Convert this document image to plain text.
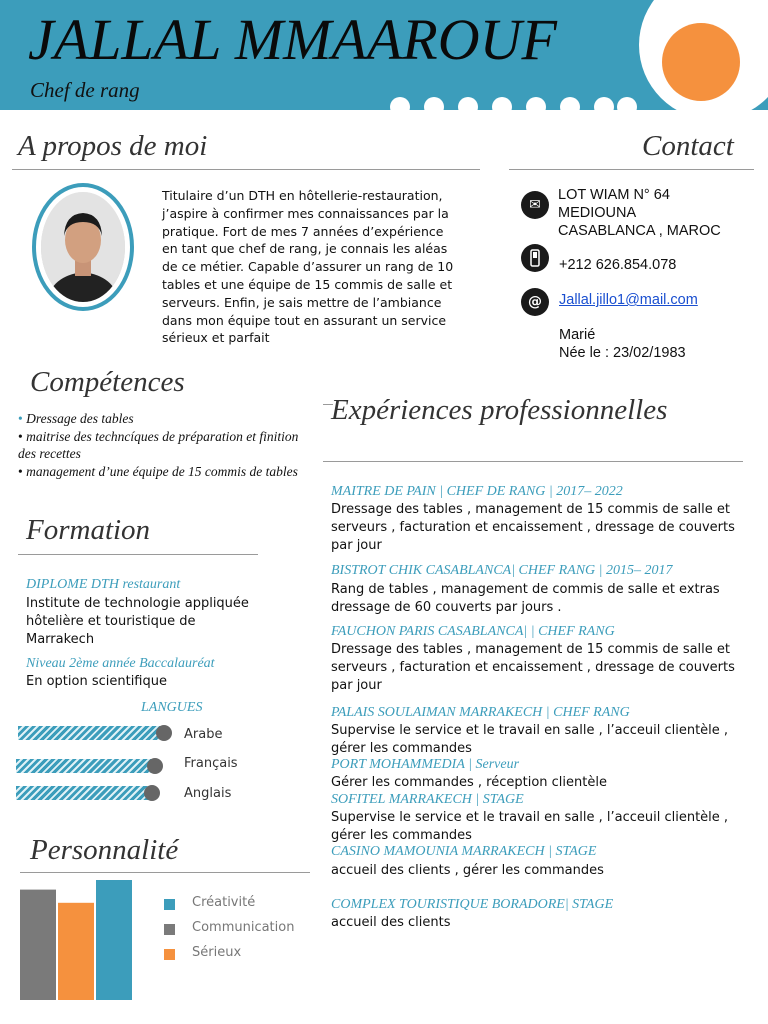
JALLAL MMAAROUF
Chef de rang
A propos de moi
Titulaire d’un DTH en hôtellerie-restauration, j’aspire à confirmer mes connaissances par la pratique. Fort de mes 7 années d’expérience en tant que chef de rang, je connais les aléas de ce métier. Capable d’assurer un rang de 10 tables et une équipe de 15 commis de salle et serveurs. Enfin, je sais mettre de l’ambiance dans mon équipe tout en assurant un service sérieux et parfait
Contact
✉
LOT WIAM N° 64
MEDIOUNA
CASABLANCA , MAROC
+212 626.854.078
@	Jallal.jillo1@mail.com
Marié
Née le : 23/02/1983
Compétences
• Dressage des tables
• maitrise des techncíques de préparation et finition des recettes
• management d’une équipe de 15 commis de tables
Formation
DIPLOME DTH restaurant
Institute de technologie appliquée hôtelière et touristique de Marrakech
Niveau 2ème année Baccalauréat
En option scientifique
LANGUES
Arabe
Français
Anglais
Personnalité
Créativité
Communication
Sérieux
Expériences professionnelles
MAITRE DE PAIN | CHEF DE RANG | 2017– 2022
Dressage des tables , management de 15 commis de salle et serveurs , facturation et encaissement , dressage de couverts par jour
BISTROT CHIK CASABLANCA| CHEF RANG | 2015– 2017
Rang de tables , management de commis de salle et extras dressage de 60 couverts par jours .
FAUCHON PARIS CASABLANCA| | CHEF RANG
Dressage des tables , management de 15 commis de salle et serveurs , facturation et encaissement , dressage de couverts par jour
PALAIS SOULAIMAN MARRAKECH | CHEF RANG
Supervise le service et le travail en salle , l’acceuil clientèle , gérer les commandes
PORT MOHAMMEDIA | Serveur
Gérer les commandes , réception clientèle
SOFITEL MARRAKECH | STAGE
Supervise le service et le travail en salle , l’acceuil clientèle , gérer les commandes
CASINO MAMOUNIA MARRAKECH | STAGE
accueil des clients , gérer les commandes
COMPLEX TOURISTIQUE BORADORE| STAGE
accueil des clients
